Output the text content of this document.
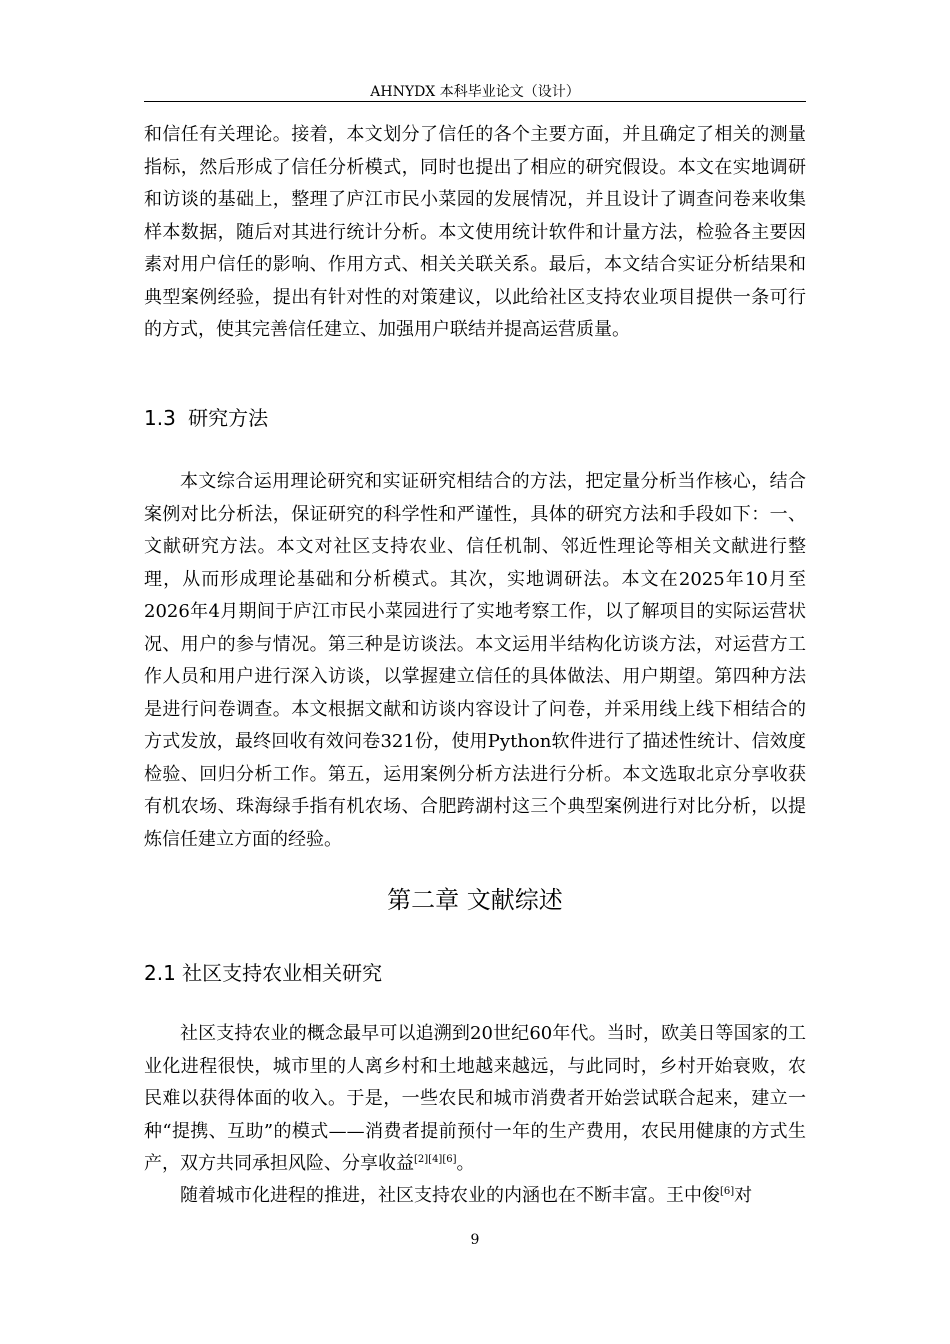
AHNYDX 本科毕业论文（设计）

和信任有关理论。接着，本文划分了信任的各个主要方面，并且确定了相关的测量指标，然后形成了信任分析模式，同时也提出了相应的研究假设。本文在实地调研和访谈的基础上，整理了庐江市民小菜园的发展情况，并且设计了调查问卷来收集样本数据，随后对其进行统计分析。本文使用统计软件和计量方法，检验各主要因素对用户信任的影响、作用方式、相关关联关系。最后，本文结合实证分析结果和典型案例经验，提出有针对性的对策建议，以此给社区支持农业项目提供一条可行的方式，使其完善信任建立、加强用户联结并提高运营质量。

1.3 研究方法

本文综合运用理论研究和实证研究相结合的方法，把定量分析当作核心，结合案例对比分析法，保证研究的科学性和严谨性，具体的研究方法和手段如下：一、文献研究方法。本文对社区支持农业、信任机制、邻近性理论等相关文献进行整理，从而形成理论基础和分析模式。其次，实地调研法。本文在2025年10月至2026年4月期间于庐江市民小菜园进行了实地考察工作，以了解项目的实际运营状况、用户的参与情况。第三种是访谈法。本文运用半结构化访谈方法，对运营方工作人员和用户进行深入访谈，以掌握建立信任的具体做法、用户期望。第四种方法是进行问卷调查。本文根据文献和访谈内容设计了问卷，并采用线上线下相结合的方式发放，最终回收有效问卷321份，使用Python软件进行了描述性统计、信效度检验、回归分析工作。第五，运用案例分析方法进行分析。本文选取北京分享收获有机农场、珠海绿手指有机农场、合肥跨湖村这三个典型案例进行对比分析，以提炼信任建立方面的经验。

第二章 文献综述
2.1 社区支持农业相关研究

社区支持农业的概念最早可以追溯到20世纪60年代。当时，欧美日等国家的工业化进程很快，城市里的人离乡村和土地越来越远，与此同时，乡村开始衰败，农民难以获得体面的收入。于是，一些农民和城市消费者开始尝试联合起来，建立一种“提携、互助”的模式——消费者提前预付一年的生产费用，农民用健康的方式生产，双方共同承担风险、分享收益[2][4][6]。

随着城市化进程的推进，社区支持农业的内涵也在不断丰富。王中俊[6]对

9
